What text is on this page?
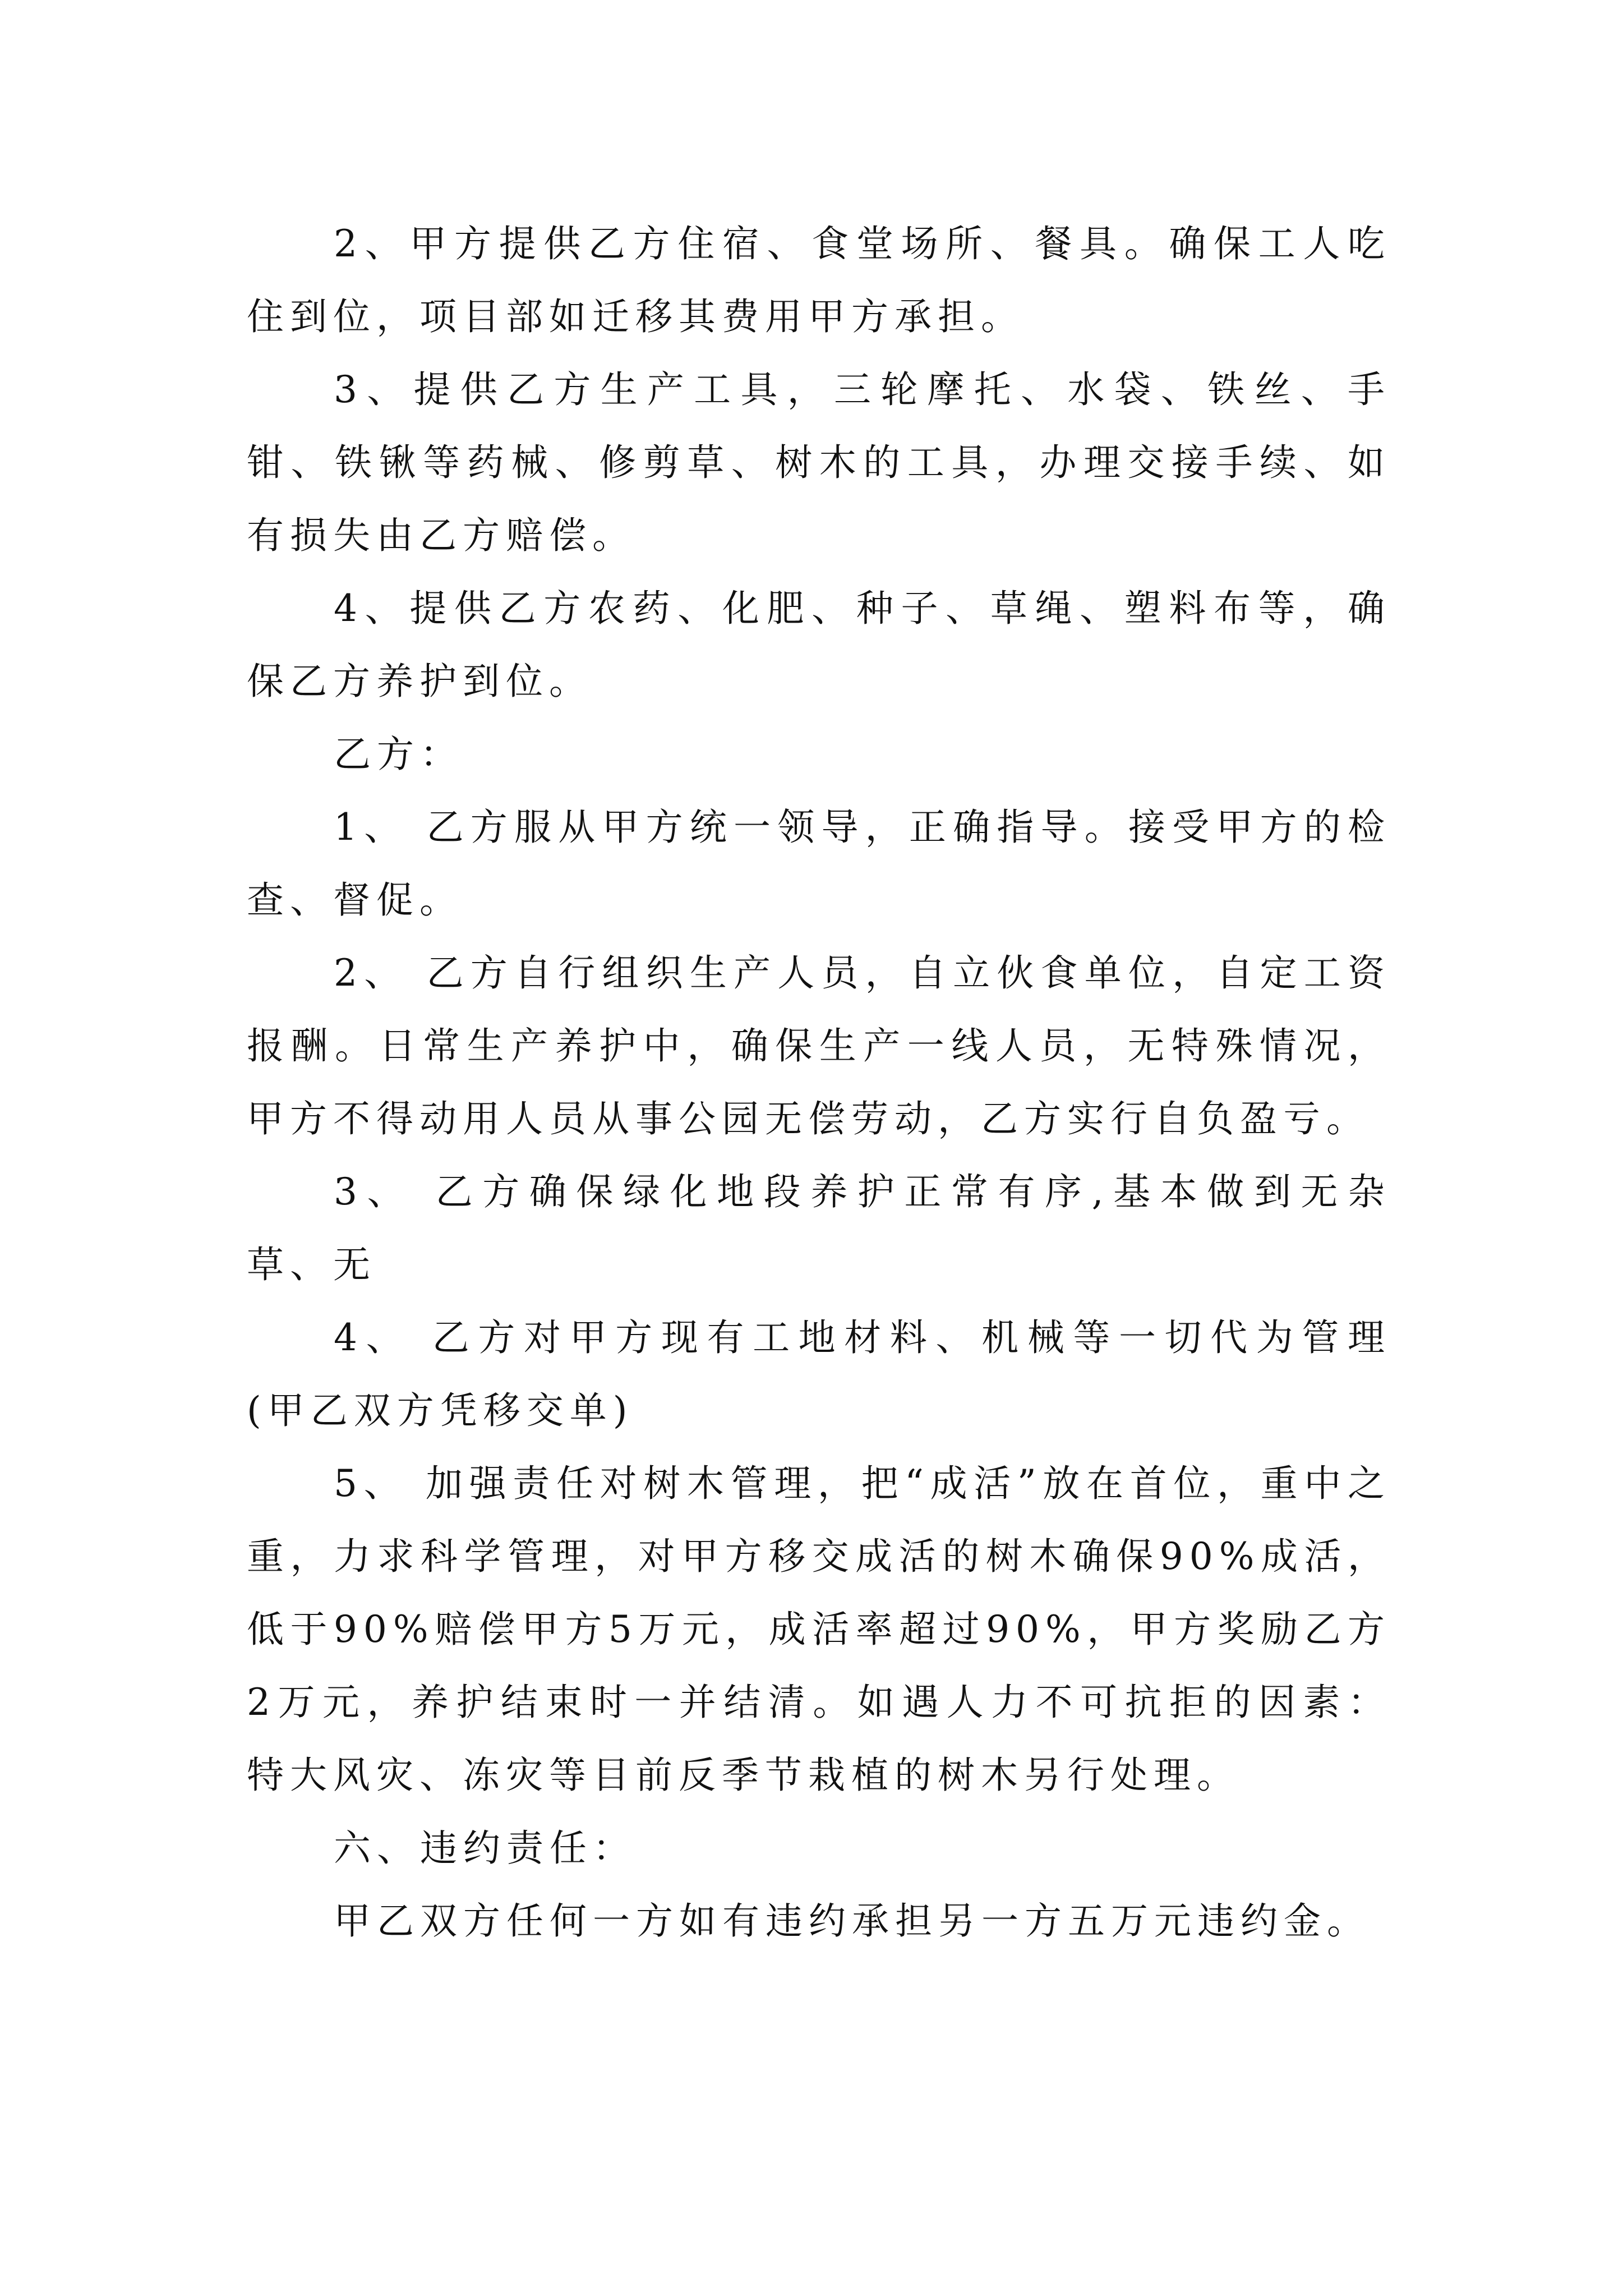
2、甲方提供乙方住宿、食堂场所、餐具。确保工人吃住到位，项目部如迁移其费用甲方承担。

3、提供乙方生产工具，三轮摩托、水袋、铁丝、手钳、铁锹等药械、修剪草、树木的工具，办理交接手续、如有损失由乙方赔偿。

4、提供乙方农药、化肥、种子、草绳、塑料布等，确保乙方养护到位。

乙方：

1、 乙方服从甲方统一领导，正确指导。接受甲方的检查、督促。

2、 乙方自行组织生产人员，自立伙食单位，自定工资报酬。日常生产养护中，确保生产一线人员，无特殊情况，甲方不得动用人员从事公园无偿劳动，乙方实行自负盈亏。

3、 乙方确保绿化地段养护正常有序,基本做到无杂草、无

4、 乙方对甲方现有工地材料、机械等一切代为管理(甲乙双方凭移交单)

5、 加强责任对树木管理，把“成活”放在首位，重中之重，力求科学管理，对甲方移交成活的树木确保90%成活，低于90%赔偿甲方5万元，成活率超过90%，甲方奖励乙方2万元，养护结束时一并结清。如遇人力不可抗拒的因素：特大风灾、冻灾等目前反季节栽植的树木另行处理。

六、违约责任：

甲乙双方任何一方如有违约承担另一方五万元违约金。
